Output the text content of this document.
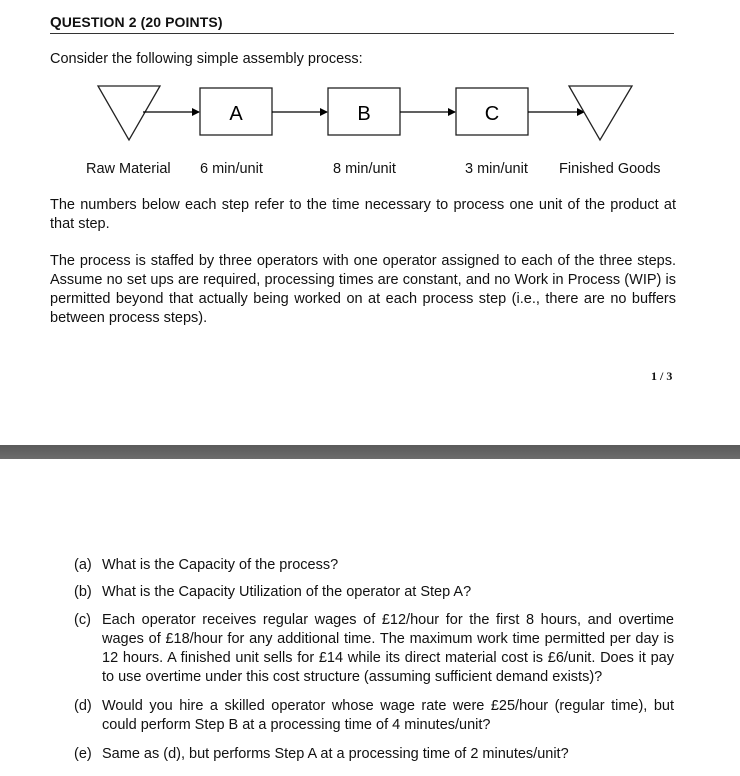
QUESTION 2 (20 POINTS)
Consider the following simple assembly process:
A	B	C
Raw Material 6 min/unit	8 min/unit	3 min/unit Finished Goods
The numbers below each step refer to the time necessary to process one unit of the product at that step.
The process is staffed by three operators with one operator assigned to each of the three steps. Assume no set ups are required, processing times are constant, and no Work in Process (WIP) is permitted beyond that actually being worked on at each process step (i.e., there are no buffers between process steps).
1 / 3
(a) What is the Capacity of the process?
(b) What is the Capacity Utilization of the operator at Step A?
(c) Each operator receives regular wages of £12/hour for the first 8 hours, and overtime wages of £18/hour for any additional time. The maximum work time permitted per day is 12 hours. A finished unit sells for £14 while its direct material cost is £6/unit. Does it pay to use overtime under this cost structure (assuming sufficient demand exists)?
(d) Would you hire a skilled operator whose wage rate were £25/hour (regular time), but could perform Step B at a processing time of 4 minutes/unit?
(e) Same as (d), but performs Step A at a processing time of 2 minutes/unit?
